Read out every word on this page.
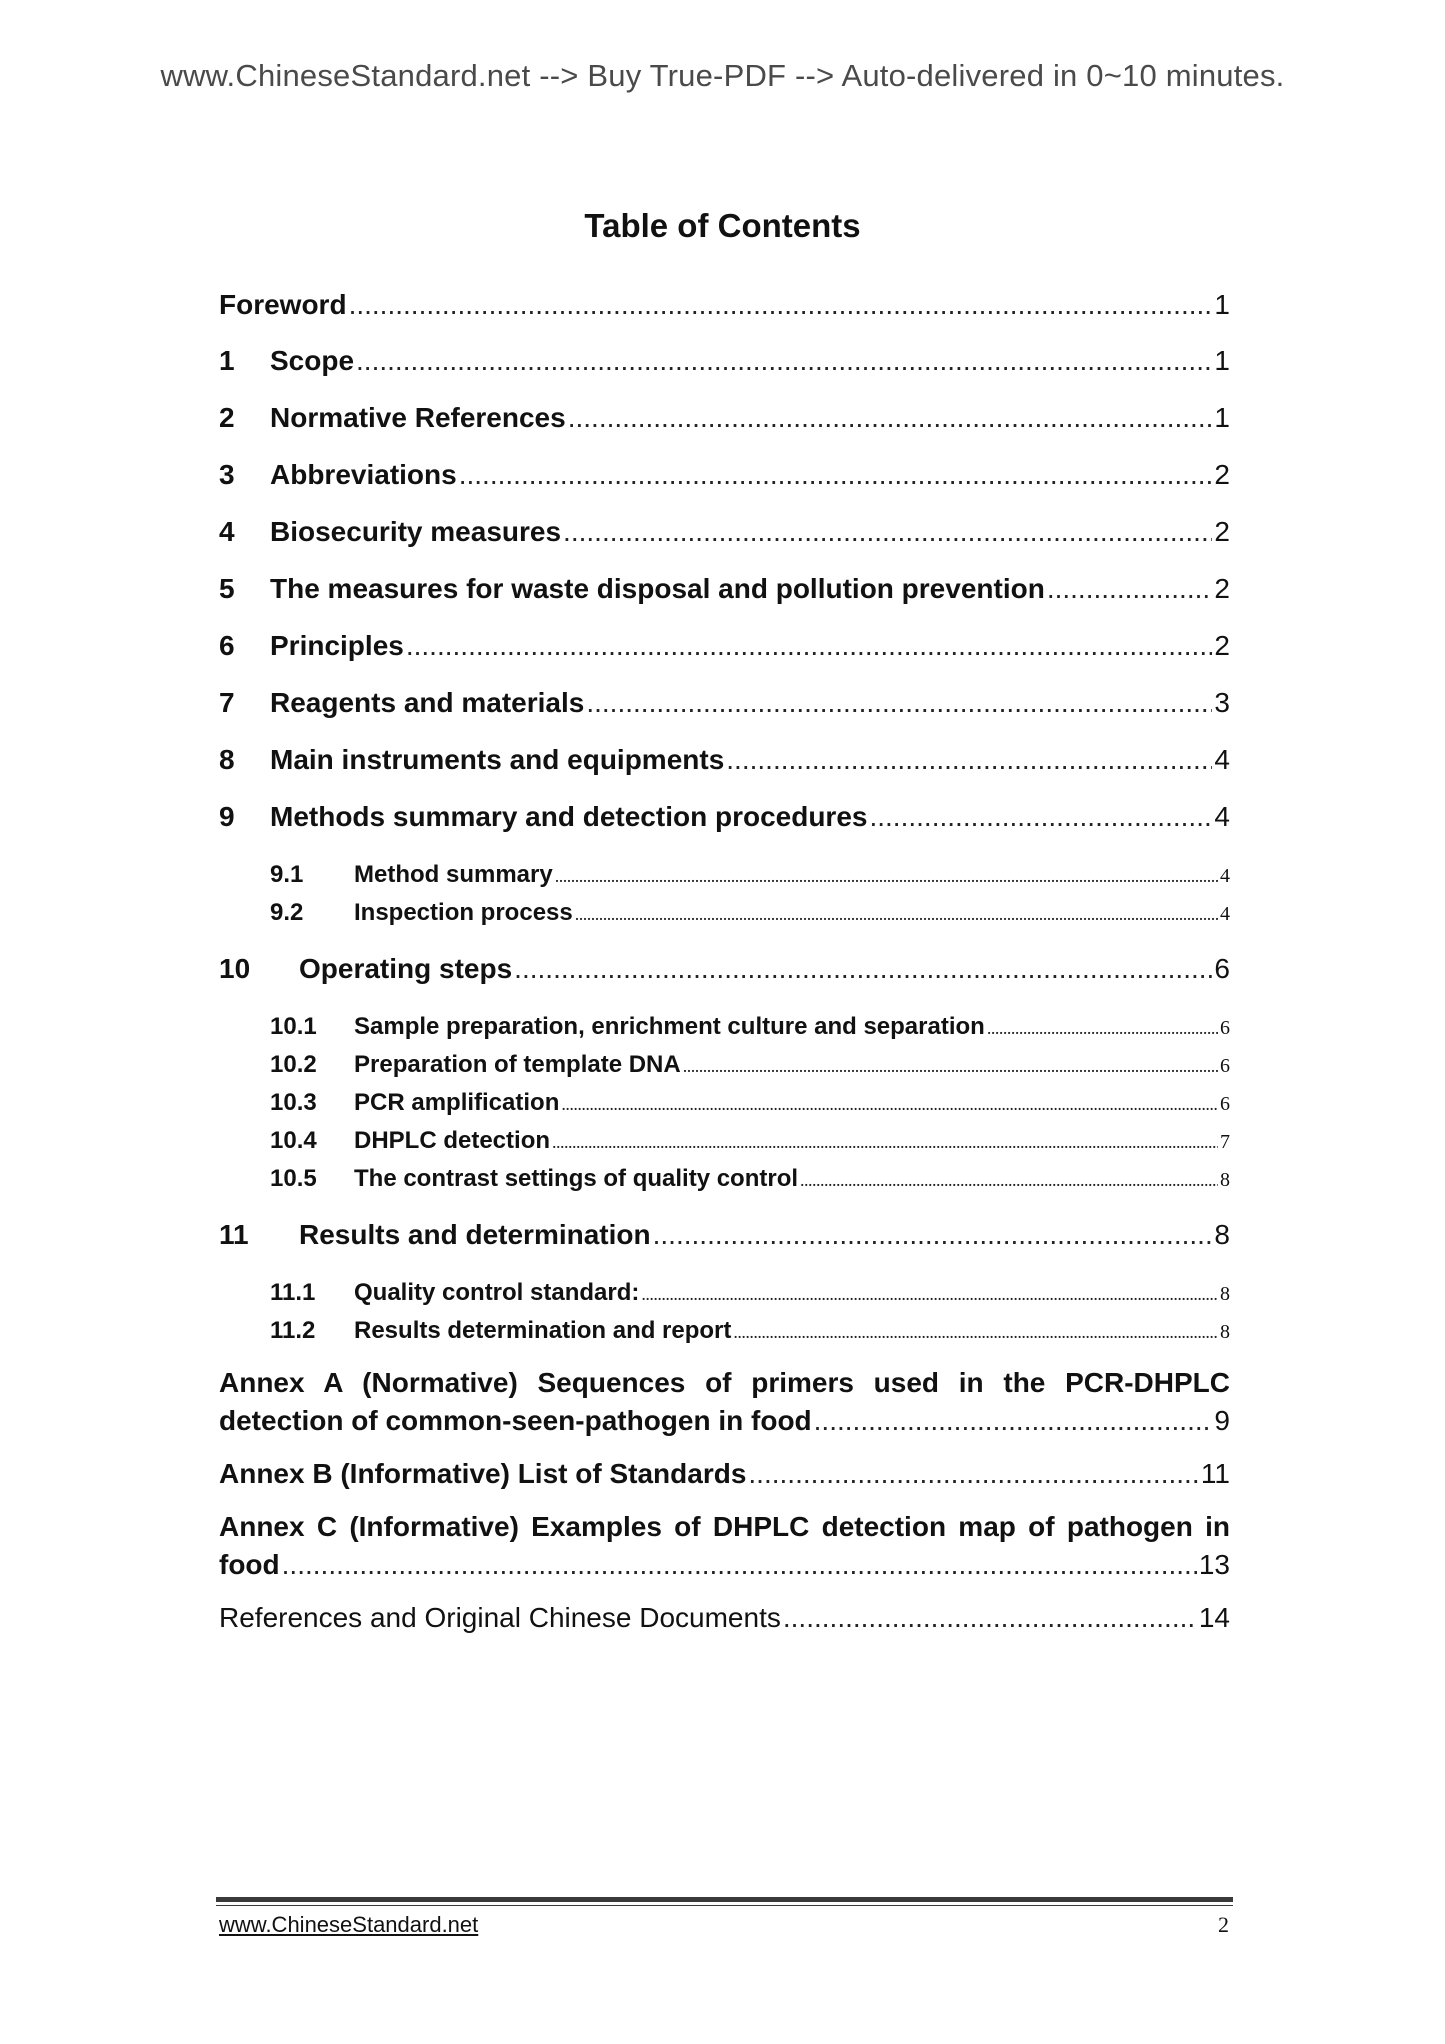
www.ChineseStandard.net --> Buy True-PDF --> Auto-delivered in 0~10 minutes.
Table of Contents
Foreword .....	1
1	Scope .....	1
2	Normative References .....	1
3	Abbreviations .....	2
4	Biosecurity measures .....	2
5	The measures for waste disposal and pollution prevention .....	2
6	Principles .....	2
7	Reagents and materials .....	3
8	Main instruments and equipments .....	4
9	Methods summary and detection procedures .....	4
9.1	Method summary .....	4
9.2	Inspection process .....	4
10	Operating steps .....	6
10.1	Sample preparation, enrichment culture and separation .....	6
10.2	Preparation of template DNA .....	6
10.3	PCR amplification .....	6
10.4	DHPLC detection .....	7
10.5	The contrast settings of quality control .....	8
11	Results and determination .....	8
11.1	Quality control standard: .....	8
11.2	Results determination and report .....	8
Annex A (Normative) Sequences of primers used in the PCR-DHPLC
detection of common-seen-pathogen in food .....	9
Annex B (Informative) List of Standards .....	11
Annex C (Informative) Examples of DHPLC detection map of pathogen in
food .....	13
References and Original Chinese Documents .....	14
www.ChineseStandard.net	2
